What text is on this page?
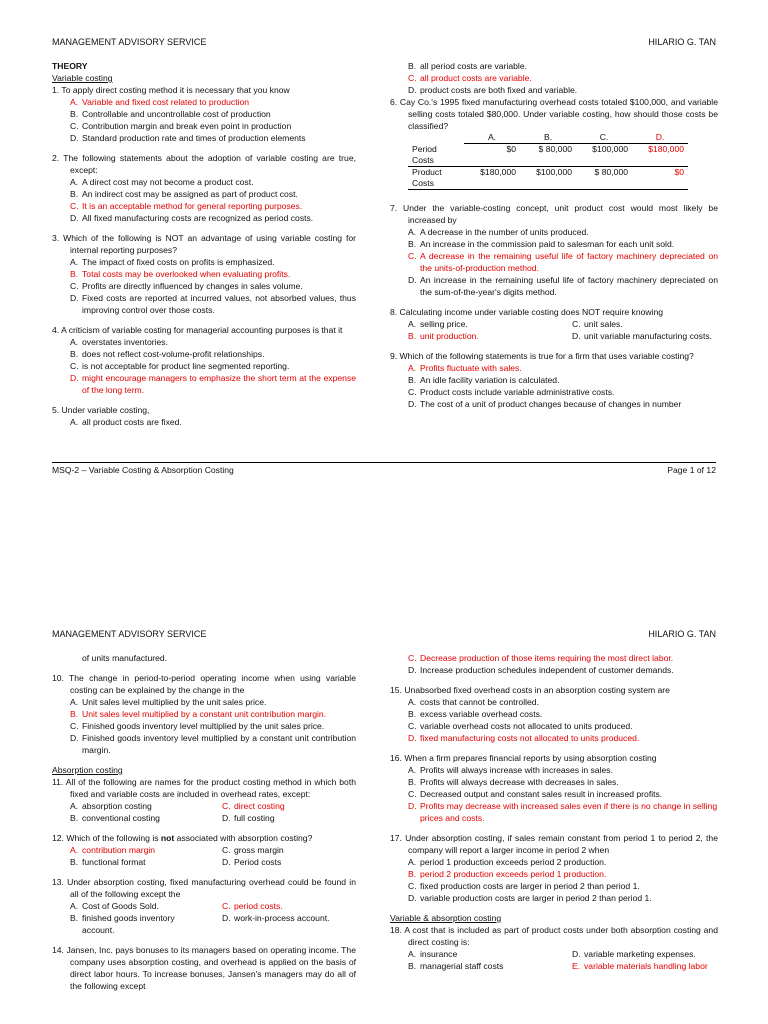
MANAGEMENT ADVISORY SERVICE	HILARIO G. TAN
THEORY
Variable costing
1. To apply direct costing method it is necessary that you know
A. Variable and fixed cost related to production
B. Controllable and uncontrollable cost of production
C. Contribution margin and break even point in production
D. Standard production rate and times of production elements
2. The following statements about the adoption of variable costing are true, except:
A. A direct cost may not become a product cost.
B. An indirect cost may be assigned as part of product cost.
C. It is an acceptable method for general reporting purposes.
D. All fixed manufacturing costs are recognized as period costs.
3. Which of the following is NOT an advantage of using variable costing for internal reporting purposes?
A. The impact of fixed costs on profits is emphasized.
B. Total costs may be overlooked when evaluating profits.
C. Profits are directly influenced by changes in sales volume.
D. Fixed costs are reported at incurred values, not absorbed values, thus improving control over those costs.
4. A criticism of variable costing for managerial accounting purposes is that it
A. overstates inventories.
B. does not reflect cost-volume-profit relationships.
C. is not acceptable for product line segmented reporting.
D. might encourage managers to emphasize the short term at the expense of the long term.
5. Under variable costing,
A. all product costs are fixed.
B. all period costs are variable.
C. all product costs are variable.
D. product costs are both fixed and variable.
6. Cay Co.'s 1995 fixed manufacturing overhead costs totaled $100,000, and variable selling costs totaled $80,000. Under variable costing, how should those costs be classified?
	A.	B.	C.	D.
Period Costs	$0	$ 80,000	$100,000	$180,000
Product Costs	$180,000	$100,000	$ 80,000	$0
7. Under the variable-costing concept, unit product cost would most likely be increased by
A. A decrease in the number of units produced.
B. An increase in the commission paid to salesman for each unit sold.
C. A decrease in the remaining useful life of factory machinery depreciated on the units-of-production method.
D. An increase in the remaining useful life of factory machinery depreciated on the sum-of-the-year's digits method.
8. Calculating income under variable costing does NOT require knowing
A. selling price.
B. unit production.
C. unit sales.
D. unit variable manufacturing costs.
9. Which of the following statements is true for a firm that uses variable costing?
A. Profits fluctuate with sales.
B. An idle facility variation is calculated.
C. Product costs include variable administrative costs.
D. The cost of a unit of product changes because of changes in number
MSQ-2 – Variable Costing & Absorption Costing	Page 1 of 12
MANAGEMENT ADVISORY SERVICE	HILARIO G. TAN
of units manufactured.
10. The change in period-to-period operating income when using variable costing can be explained by the change in the
A. Unit sales level multiplied by the unit sales price.
B. Unit sales level multiplied by a constant unit contribution margin.
C. Finished goods inventory level multiplied by the unit sales price.
D. Finished goods inventory level multiplied by a constant unit contribution margin.
Absorption costing
11. All of the following are names for the product costing method in which both fixed and variable costs are included in overhead rates, except:
A. absorption costing
B. conventional costing
C. direct costing
D. full costing
12. Which of the following is not associated with absorption costing?
A. contribution margin
B. functional format
C. gross margin
D. Period costs
13. Under absorption costing, fixed manufacturing overhead could be found in all of the following except the
A. Cost of Goods Sold.
B. finished goods inventory account.
C. period costs.
D. work-in-process account.
14. Jansen, Inc. pays bonuses to its managers based on operating income. The company uses absorption costing, and overhead is applied on the basis of direct labor hours. To increase bonuses, Jansen's managers may do all of the following except
C. Decrease production of those items requiring the most direct labor.
D. Increase production schedules independent of customer demands.
15. Unabsorbed fixed overhead costs in an absorption costing system are
A. costs that cannot be controlled.
B. excess variable overhead costs.
C. variable overhead costs not allocated to units produced.
D. fixed manufacturing costs not allocated to units produced.
16. When a firm prepares financial reports by using absorption costing
A. Profits will always increase with increases in sales.
B. Profits will always decrease with decreases in sales.
C. Decreased output and constant sales result in increased profits.
D. Profits may decrease with increased sales even if there is no change in selling prices and costs.
17. Under absorption costing, if sales remain constant from period 1 to period 2, the company will report a larger income in period 2 when
A. period 1 production exceeds period 2 production.
B. period 2 production exceeds period 1 production.
C. fixed production costs are larger in period 2 than period 1.
D. variable production costs are larger in period 2 than period 1.
Variable & absorption costing
18. A cost that is included as part of product costs under both absorption costing and direct costing is:
A. insurance
B. managerial staff costs
D. variable marketing expenses.
E. variable materials handling labor
